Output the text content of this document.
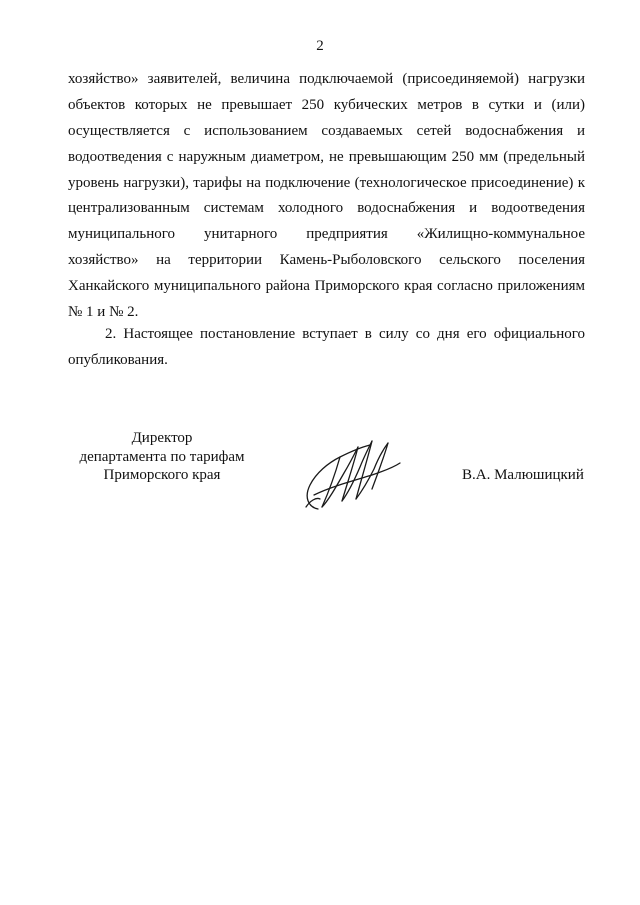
2
хозяйство» заявителей, величина подключаемой (присоединяемой) нагрузки
объектов которых не превышает 250 кубических метров в сутки и (или)
осуществляется с использованием создаваемых сетей водоснабжения и
водоотведения с наружным диаметром, не превышающим 250 мм (предельный
уровень нагрузки), тарифы на подключение (технологическое присоединение) к
централизованным системам холодного водоснабжения и водоотведения
муниципального унитарного предприятия «Жилищно-коммунальное
хозяйство» на территории Камень-Рыболовского сельского поселения
Ханкайского муниципального района Приморского края согласно приложениям
№ 1 и № 2.
2. Настоящее постановление вступает в силу со дня его официального
опубликования.
Директор
департамента по тарифам
Приморского края	В.А. Малюшицкий
